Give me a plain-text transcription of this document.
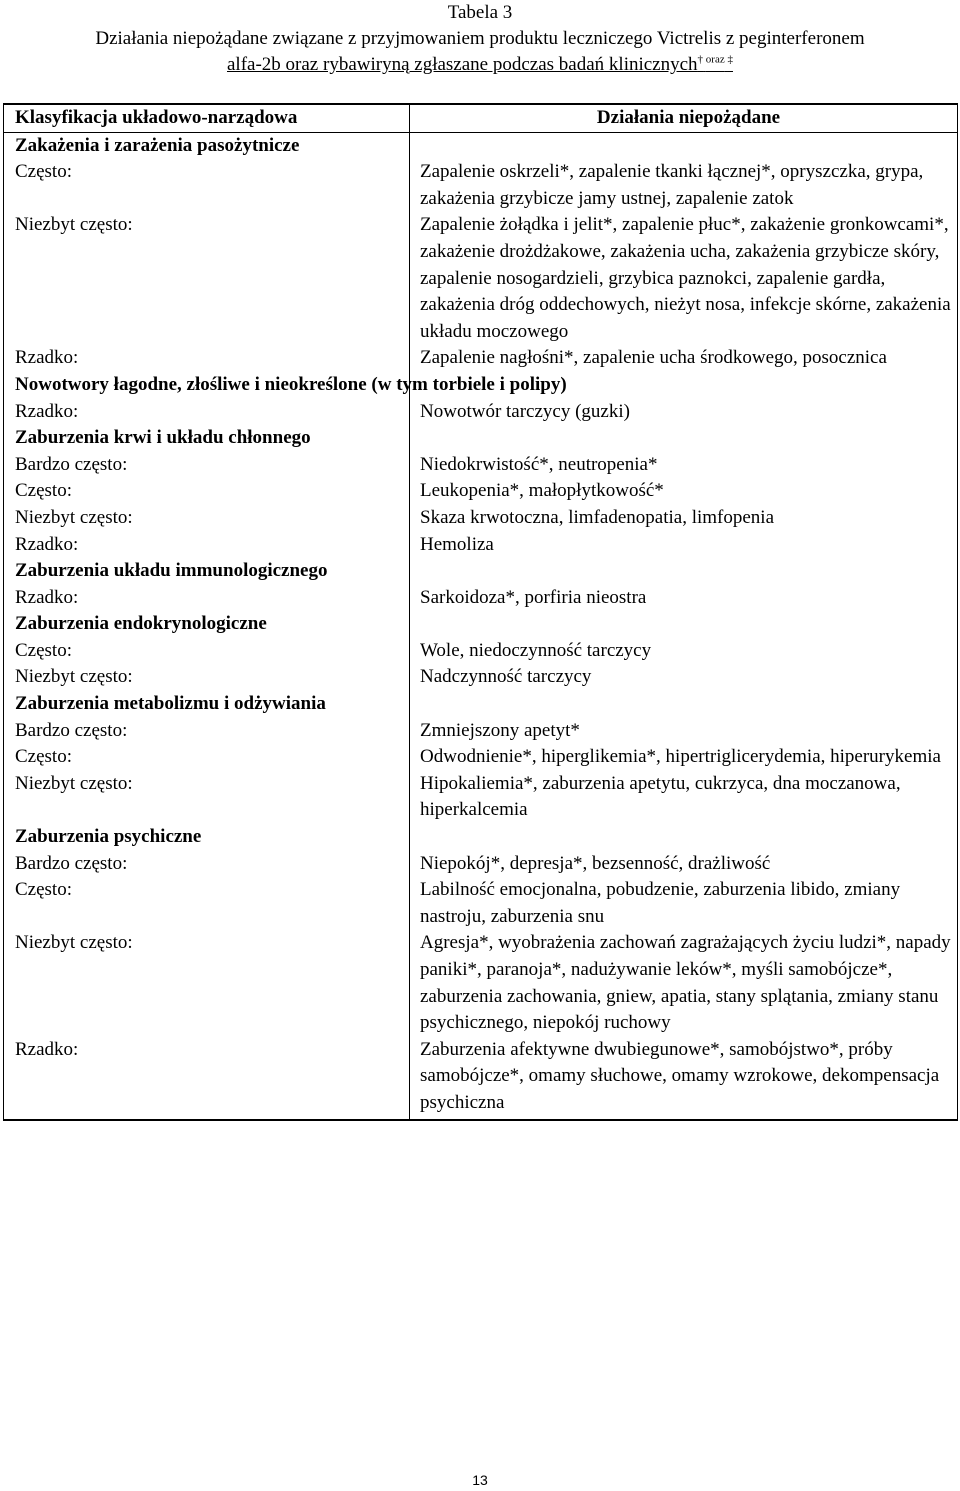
Tabela 3
Działania niepożądane związane z przyjmowaniem produktu leczniczego Victrelis z peginterferonem
alfa-2b oraz rybawiryną zgłaszane podczas badań klinicznych† $^{oraz}$ ‡
Klasyfikacja układowo-narządowa	Działania niepożądane
Zakażenia i zarażenia pasożytnicze	
Często:	Zapalenie oskrzeli*, zapalenie tkanki łącznej*, opryszczka, grypa, zakażenia grzybicze jamy ustnej, zapalenie zatok
Niezbyt często:	Zapalenie żołądka i jelit*, zapalenie płuc*, zakażenie gronkowcami*, zakażenie drożdżakowe, zakażenia ucha, zakażenia grzybicze skóry, zapalenie nosogardzieli, grzybica paznokci, zapalenie gardła, zakażenia dróg oddechowych, nieżyt nosa, infekcje skórne, zakażenia układu moczowego
Rzadko:	Zapalenie nagłośni*, zapalenie ucha środkowego, posocznica
Nowotwory łagodne, złośliwe i nieokreślone (w tym torbiele i polipy)	
Rzadko:	Nowotwór tarczycy (guzki)
Zaburzenia krwi i układu chłonnego	
Bardzo często:	Niedokrwistość*, neutropenia*
Często:	Leukopenia*, małopłytkowość*
Niezbyt często:	Skaza krwotoczna, limfadenopatia, limfopenia
Rzadko:	Hemoliza
Zaburzenia układu immunologicznego	
Rzadko:	Sarkoidoza*, porfiria nieostra
Zaburzenia endokrynologiczne	
Często:	Wole, niedoczynność tarczycy
Niezbyt często:	Nadczynność tarczycy
Zaburzenia metabolizmu i odżywiania	
Bardzo często:	Zmniejszony apetyt*
Często:	Odwodnienie*, hiperglikemia*, hipertriglicerydemia, hiperurykemia
Niezbyt często:	Hipokaliemia*, zaburzenia apetytu, cukrzyca, dna moczanowa, hiperkalcemia
Zaburzenia psychiczne	
Bardzo często:	Niepokój*, depresja*, bezsenność, drażliwość
Często:	Labilność emocjonalna, pobudzenie, zaburzenia libido, zmiany nastroju, zaburzenia snu
Niezbyt często:	Agresja*, wyobrażenia zachowań zagrażających życiu ludzi*, napady paniki*, paranoja*, nadużywanie leków*, myśli samobójcze*, zaburzenia zachowania, gniew, apatia, stany splątania, zmiany stanu psychicznego, niepokój ruchowy
Rzadko:	Zaburzenia afektywne dwubiegunowe*, samobójstwo*, próby samobójcze*, omamy słuchowe, omamy wzrokowe, dekompensacja psychiczna
13
